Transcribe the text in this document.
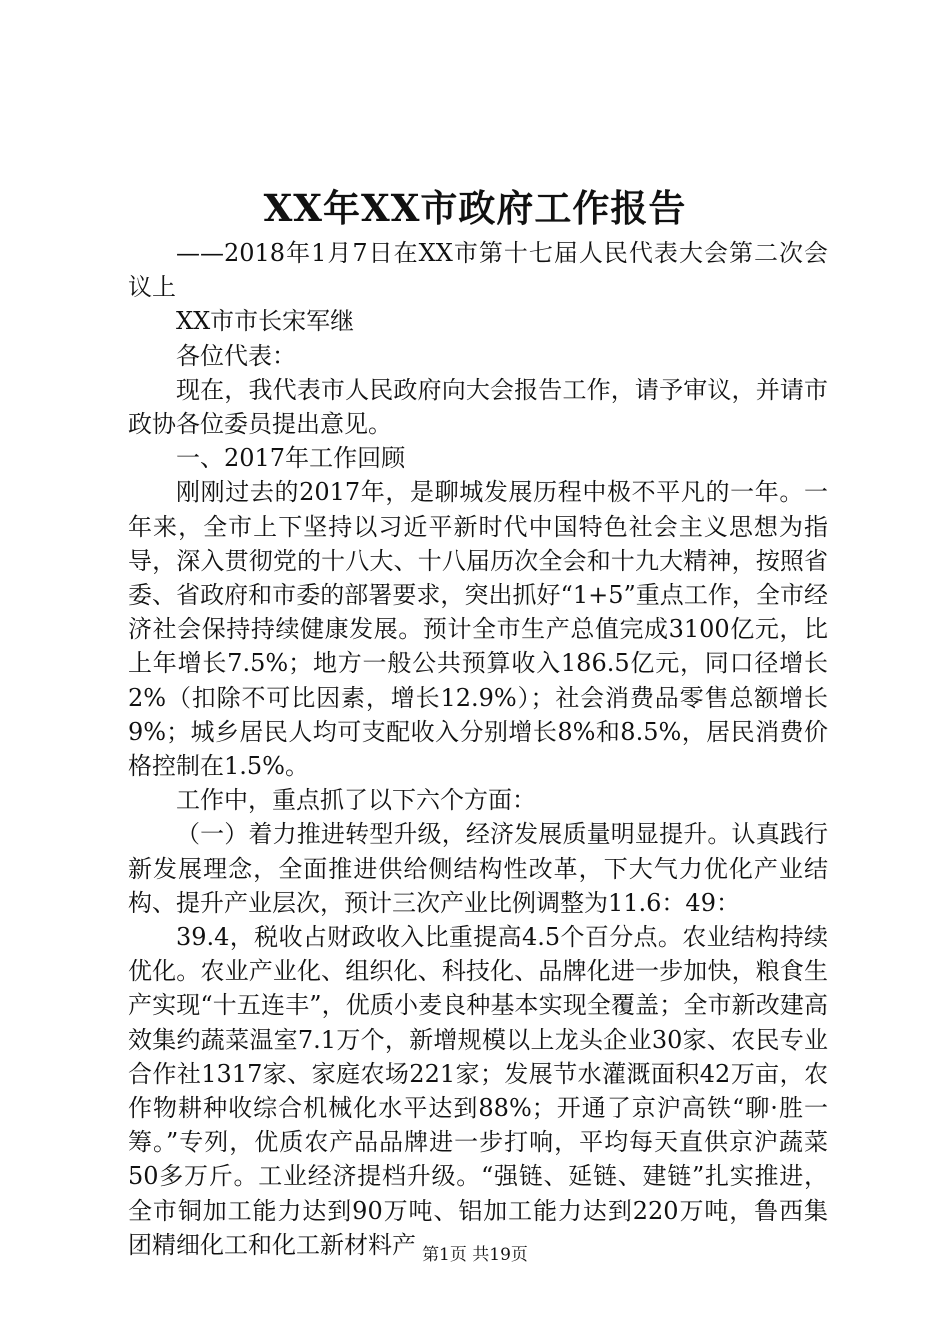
XX年XX市政府工作报告

——2018年1月7日在XX市第十七届人民代表大会第二次会议上

XX市市长宋军继

各位代表：

现在，我代表市人民政府向大会报告工作，请予审议，并请市政协各位委员提出意见。

一、2017年工作回顾

刚刚过去的2017年，是聊城发展历程中极不平凡的一年。一年来，全市上下坚持以习近平新时代中国特色社会主义思想为指导，深入贯彻党的十八大、十八届历次全会和十九大精神，按照省委、省政府和市委的部署要求，突出抓好“1+5”重点工作，全市经济社会保持持续健康发展。预计全市生产总值完成3100亿元，比上年增长7.5%；地方一般公共预算收入186.5亿元，同口径增长2%（扣除不可比因素，增长12.9%）；社会消费品零售总额增长9%；城乡居民人均可支配收入分别增长8%和8.5%，居民消费价格控制在1.5%。

工作中，重点抓了以下六个方面：

（一）着力推进转型升级，经济发展质量明显提升。认真践行新发展理念，全面推进供给侧结构性改革，下大气力优化产业结构、提升产业层次，预计三次产业比例调整为11.6：49：

39.4，税收占财政收入比重提高4.5个百分点。农业结构持续优化。农业产业化、组织化、科技化、品牌化进一步加快，粮食生产实现“十五连丰”，优质小麦良种基本实现全覆盖；全市新改建高效集约蔬菜温室7.1万个，新增规模以上龙头企业30家、农民专业合作社1317家、家庭农场221家；发展节水灌溉面积42万亩，农作物耕种收综合机械化水平达到88%；开通了京沪高铁“聊·胜一筹。”专列，优质农产品品牌进一步打响，平均每天直供京沪蔬菜50多万斤。工业经济提档升级。“强链、延链、建链”扎实推进，全市铜加工能力达到90万吨、铝加工能力达到220万吨，鲁西集团精细化工和化工新材料产 第1页 共19页
